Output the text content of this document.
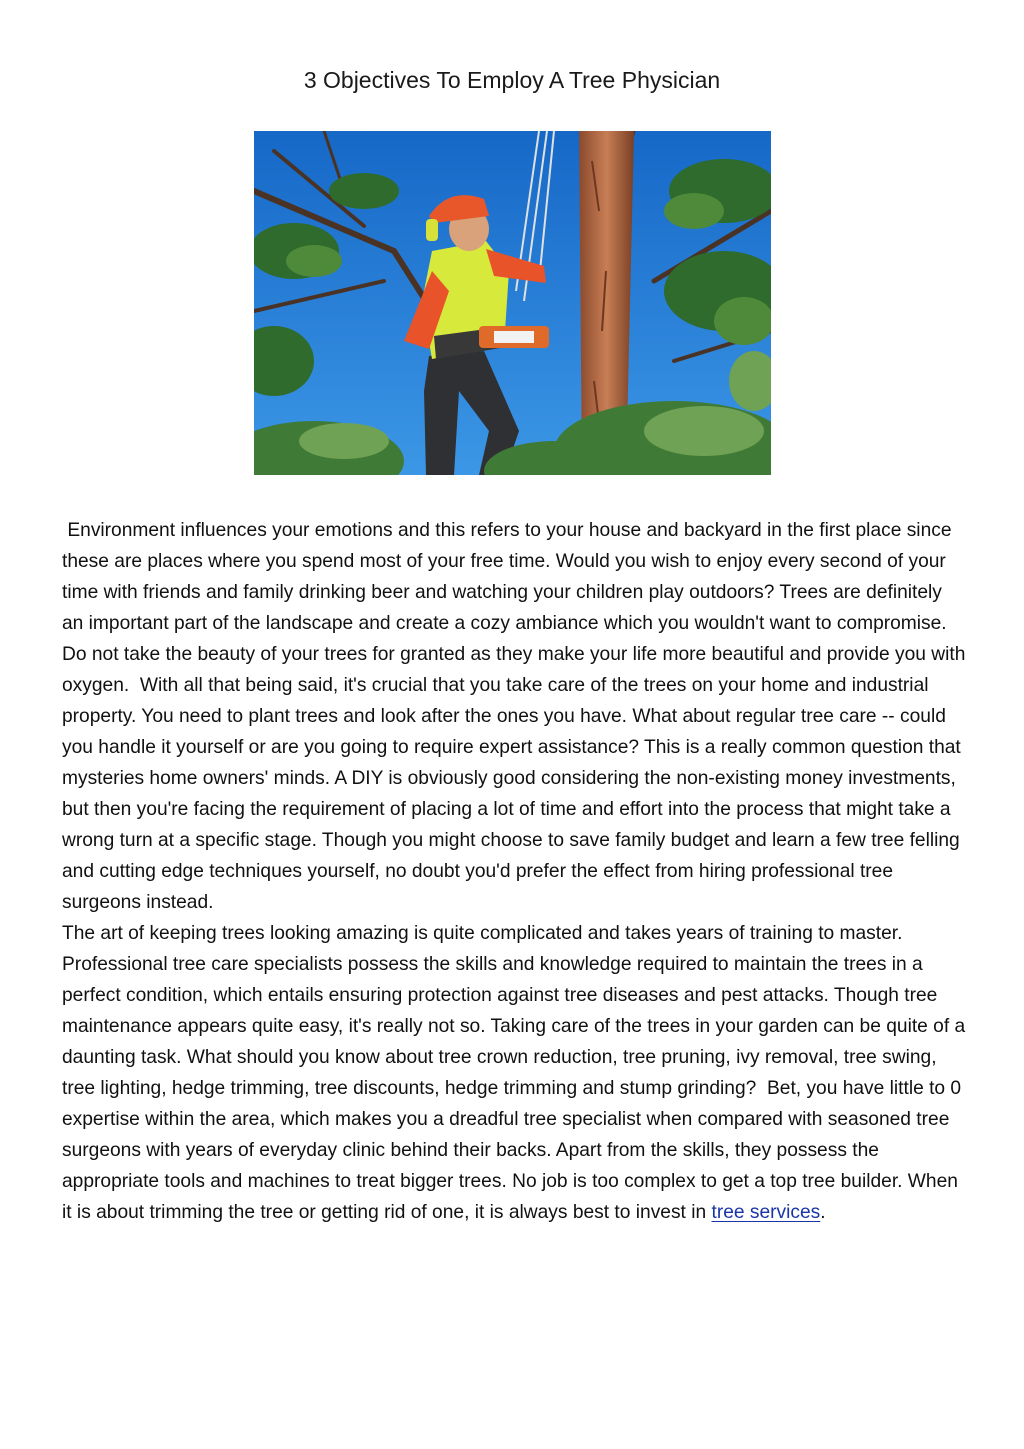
3 Objectives To Employ A Tree Physician

Environment influences your emotions and this refers to your house and backyard in the first place since these are places where you spend most of your free time. Would you wish to enjoy every second of your time with friends and family drinking beer and watching your children play outdoors? Trees are definitely an important part of the landscape and create a cozy ambiance which you wouldn't want to compromise. Do not take the beauty of your trees for granted as they make your life more beautiful and provide you with oxygen.  With all that being said, it's crucial that you take care of the trees on your home and industrial property. You need to plant trees and look after the ones you have. What about regular tree care -- could you handle it yourself or are you going to require expert assistance? This is a really common question that mysteries home owners' minds. A DIY is obviously good considering the non-existing money investments, but then you're facing the requirement of placing a lot of time and effort into the process that might take a wrong turn at a specific stage. Though you might choose to save family budget and learn a few tree felling and cutting edge techniques yourself, no doubt you'd prefer the effect from hiring professional tree surgeons instead.

The art of keeping trees looking amazing is quite complicated and takes years of training to master. Professional tree care specialists possess the skills and knowledge required to maintain the trees in a perfect condition, which entails ensuring protection against tree diseases and pest attacks. Though tree maintenance appears quite easy, it's really not so. Taking care of the trees in your garden can be quite of a daunting task. What should you know about tree crown reduction, tree pruning, ivy removal, tree swing, tree lighting, hedge trimming, tree discounts, hedge trimming and stump grinding?  Bet, you have little to 0 expertise within the area, which makes you a dreadful tree specialist when compared with seasoned tree surgeons with years of everyday clinic behind their backs. Apart from the skills, they possess the appropriate tools and machines to treat bigger trees. No job is too complex to get a top tree builder. When it is about trimming the tree or getting rid of one, it is always best to invest in tree services.
